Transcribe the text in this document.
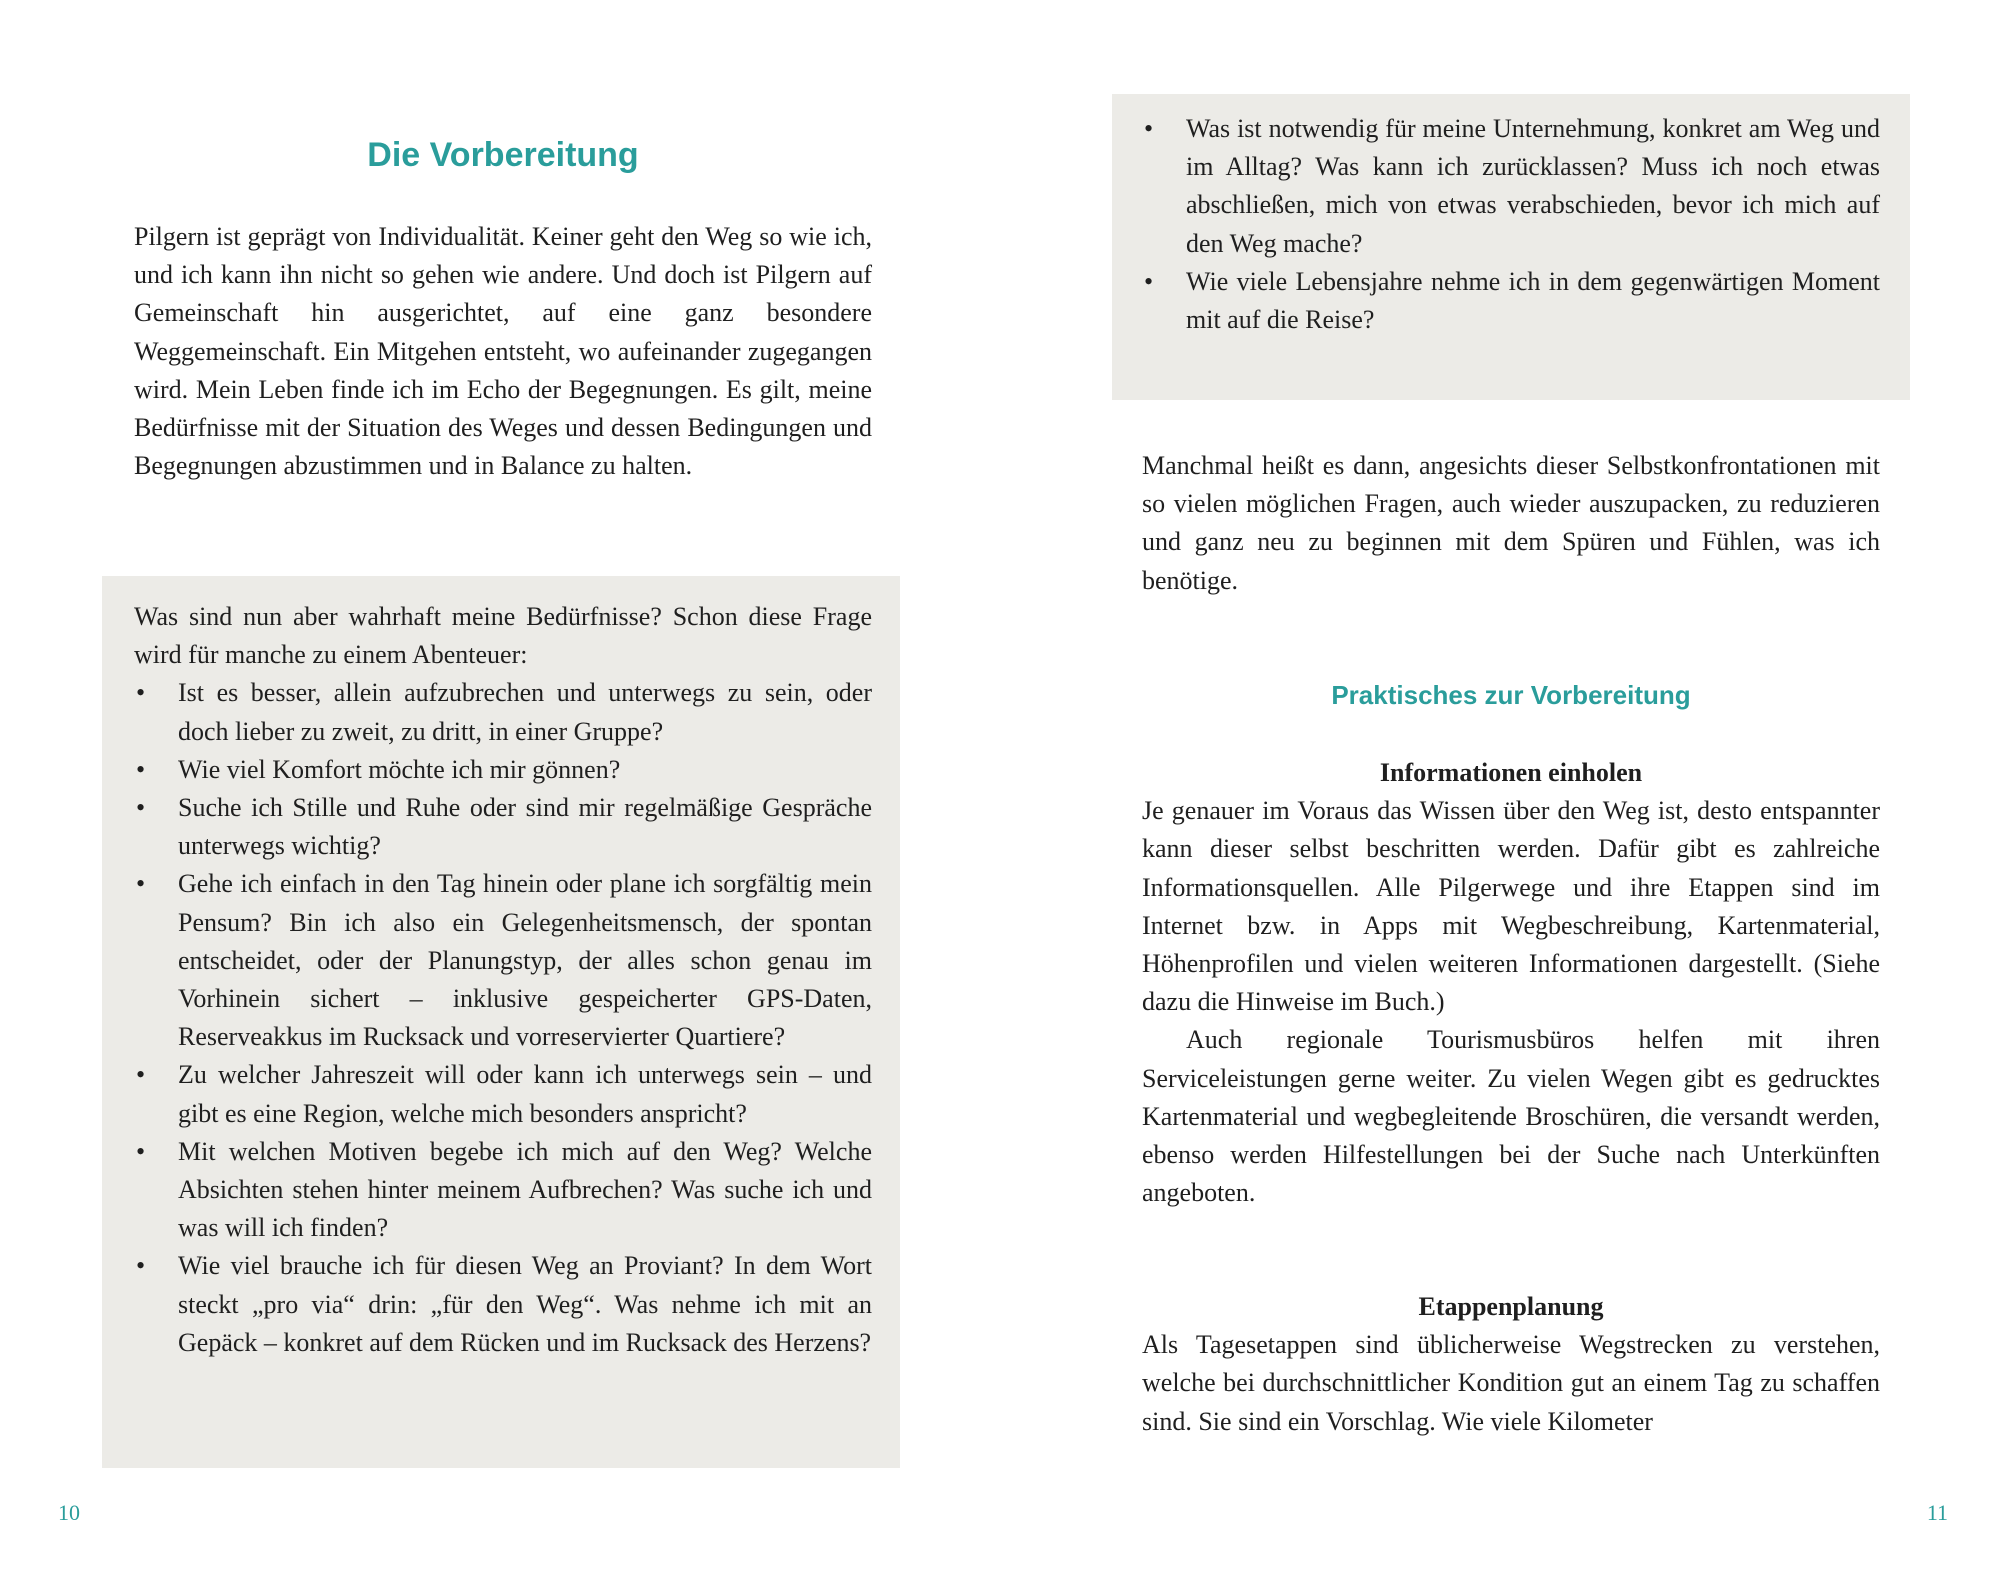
Die Vorbereitung

Pilgern ist geprägt von Individualität. Keiner geht den Weg so wie ich, und ich kann ihn nicht so gehen wie andere. Und doch ist Pilgern auf Gemeinschaft hin ausgerichtet, auf eine ganz besondere Weggemeinschaft. Ein Mitgehen entsteht, wo aufeinander zugegangen wird. Mein Leben finde ich im Echo der Begegnungen. Es gilt, meine Bedürfnisse mit der Situation des Weges und dessen Bedingungen und Begegnungen abzustimmen und in Balance zu halten.

Was sind nun aber wahrhaft meine Bedürfnisse? Schon diese Frage wird für manche zu einem Abenteuer:

• Ist es besser, allein aufzubrechen und unterwegs zu sein, oder doch lieber zu zweit, zu dritt, in einer Gruppe?
• Wie viel Komfort möchte ich mir gönnen?
• Suche ich Stille und Ruhe oder sind mir regelmäßige Gespräche unterwegs wichtig?
• Gehe ich einfach in den Tag hinein oder plane ich sorgfältig mein Pensum? Bin ich also ein Gelegenheitsmensch, der spontan entscheidet, oder der Planungstyp, der alles schon genau im Vorhinein sichert – inklusive gespeicherter GPS-Daten, Reserveakkus im Rucksack und vorreservierter Quartiere?
• Zu welcher Jahreszeit will oder kann ich unterwegs sein – und gibt es eine Region, welche mich besonders anspricht?
• Mit welchen Motiven begebe ich mich auf den Weg? Welche Absichten stehen hinter meinem Aufbrechen? Was suche ich und was will ich finden?
• Wie viel brauche ich für diesen Weg an Proviant? In dem Wort steckt „pro via“ drin: „für den Weg“. Was nehme ich mit an Gepäck – konkret auf dem Rücken und im Rucksack des Herzens?
10
• Was ist notwendig für meine Unternehmung, konkret am Weg und im Alltag? Was kann ich zurücklassen? Muss ich noch etwas abschließen, mich von etwas verabschieden, bevor ich mich auf den Weg mache?
• Wie viele Lebensjahre nehme ich in dem gegenwärtigen Moment mit auf die Reise?

Manchmal heißt es dann, angesichts dieser Selbstkonfrontationen mit so vielen möglichen Fragen, auch wieder auszupacken, zu reduzieren und ganz neu zu beginnen mit dem Spüren und Fühlen, was ich benötige.

Praktisches zur Vorbereitung
Informationen einholen

Je genauer im Voraus das Wissen über den Weg ist, desto entspannter kann dieser selbst beschritten werden. Dafür gibt es zahlreiche Informationsquellen. Alle Pilgerwege und ihre Etappen sind im Internet bzw. in Apps mit Wegbeschreibung, Kartenmaterial, Höhenprofilen und vielen weiteren Informationen dargestellt. (Siehe dazu die Hinweise im Buch.)

Auch regionale Tourismusbüros helfen mit ihren Serviceleistungen gerne weiter. Zu vielen Wegen gibt es gedrucktes Kartenmaterial und wegbegleitende Broschüren, die versandt werden, ebenso werden Hilfestellungen bei der Suche nach Unterkünften angeboten.

Etappenplanung

Als Tagesetappen sind üblicherweise Wegstrecken zu verstehen, welche bei durchschnittlicher Kondition gut an einem Tag zu schaffen sind. Sie sind ein Vorschlag. Wie viele Kilometer

11
